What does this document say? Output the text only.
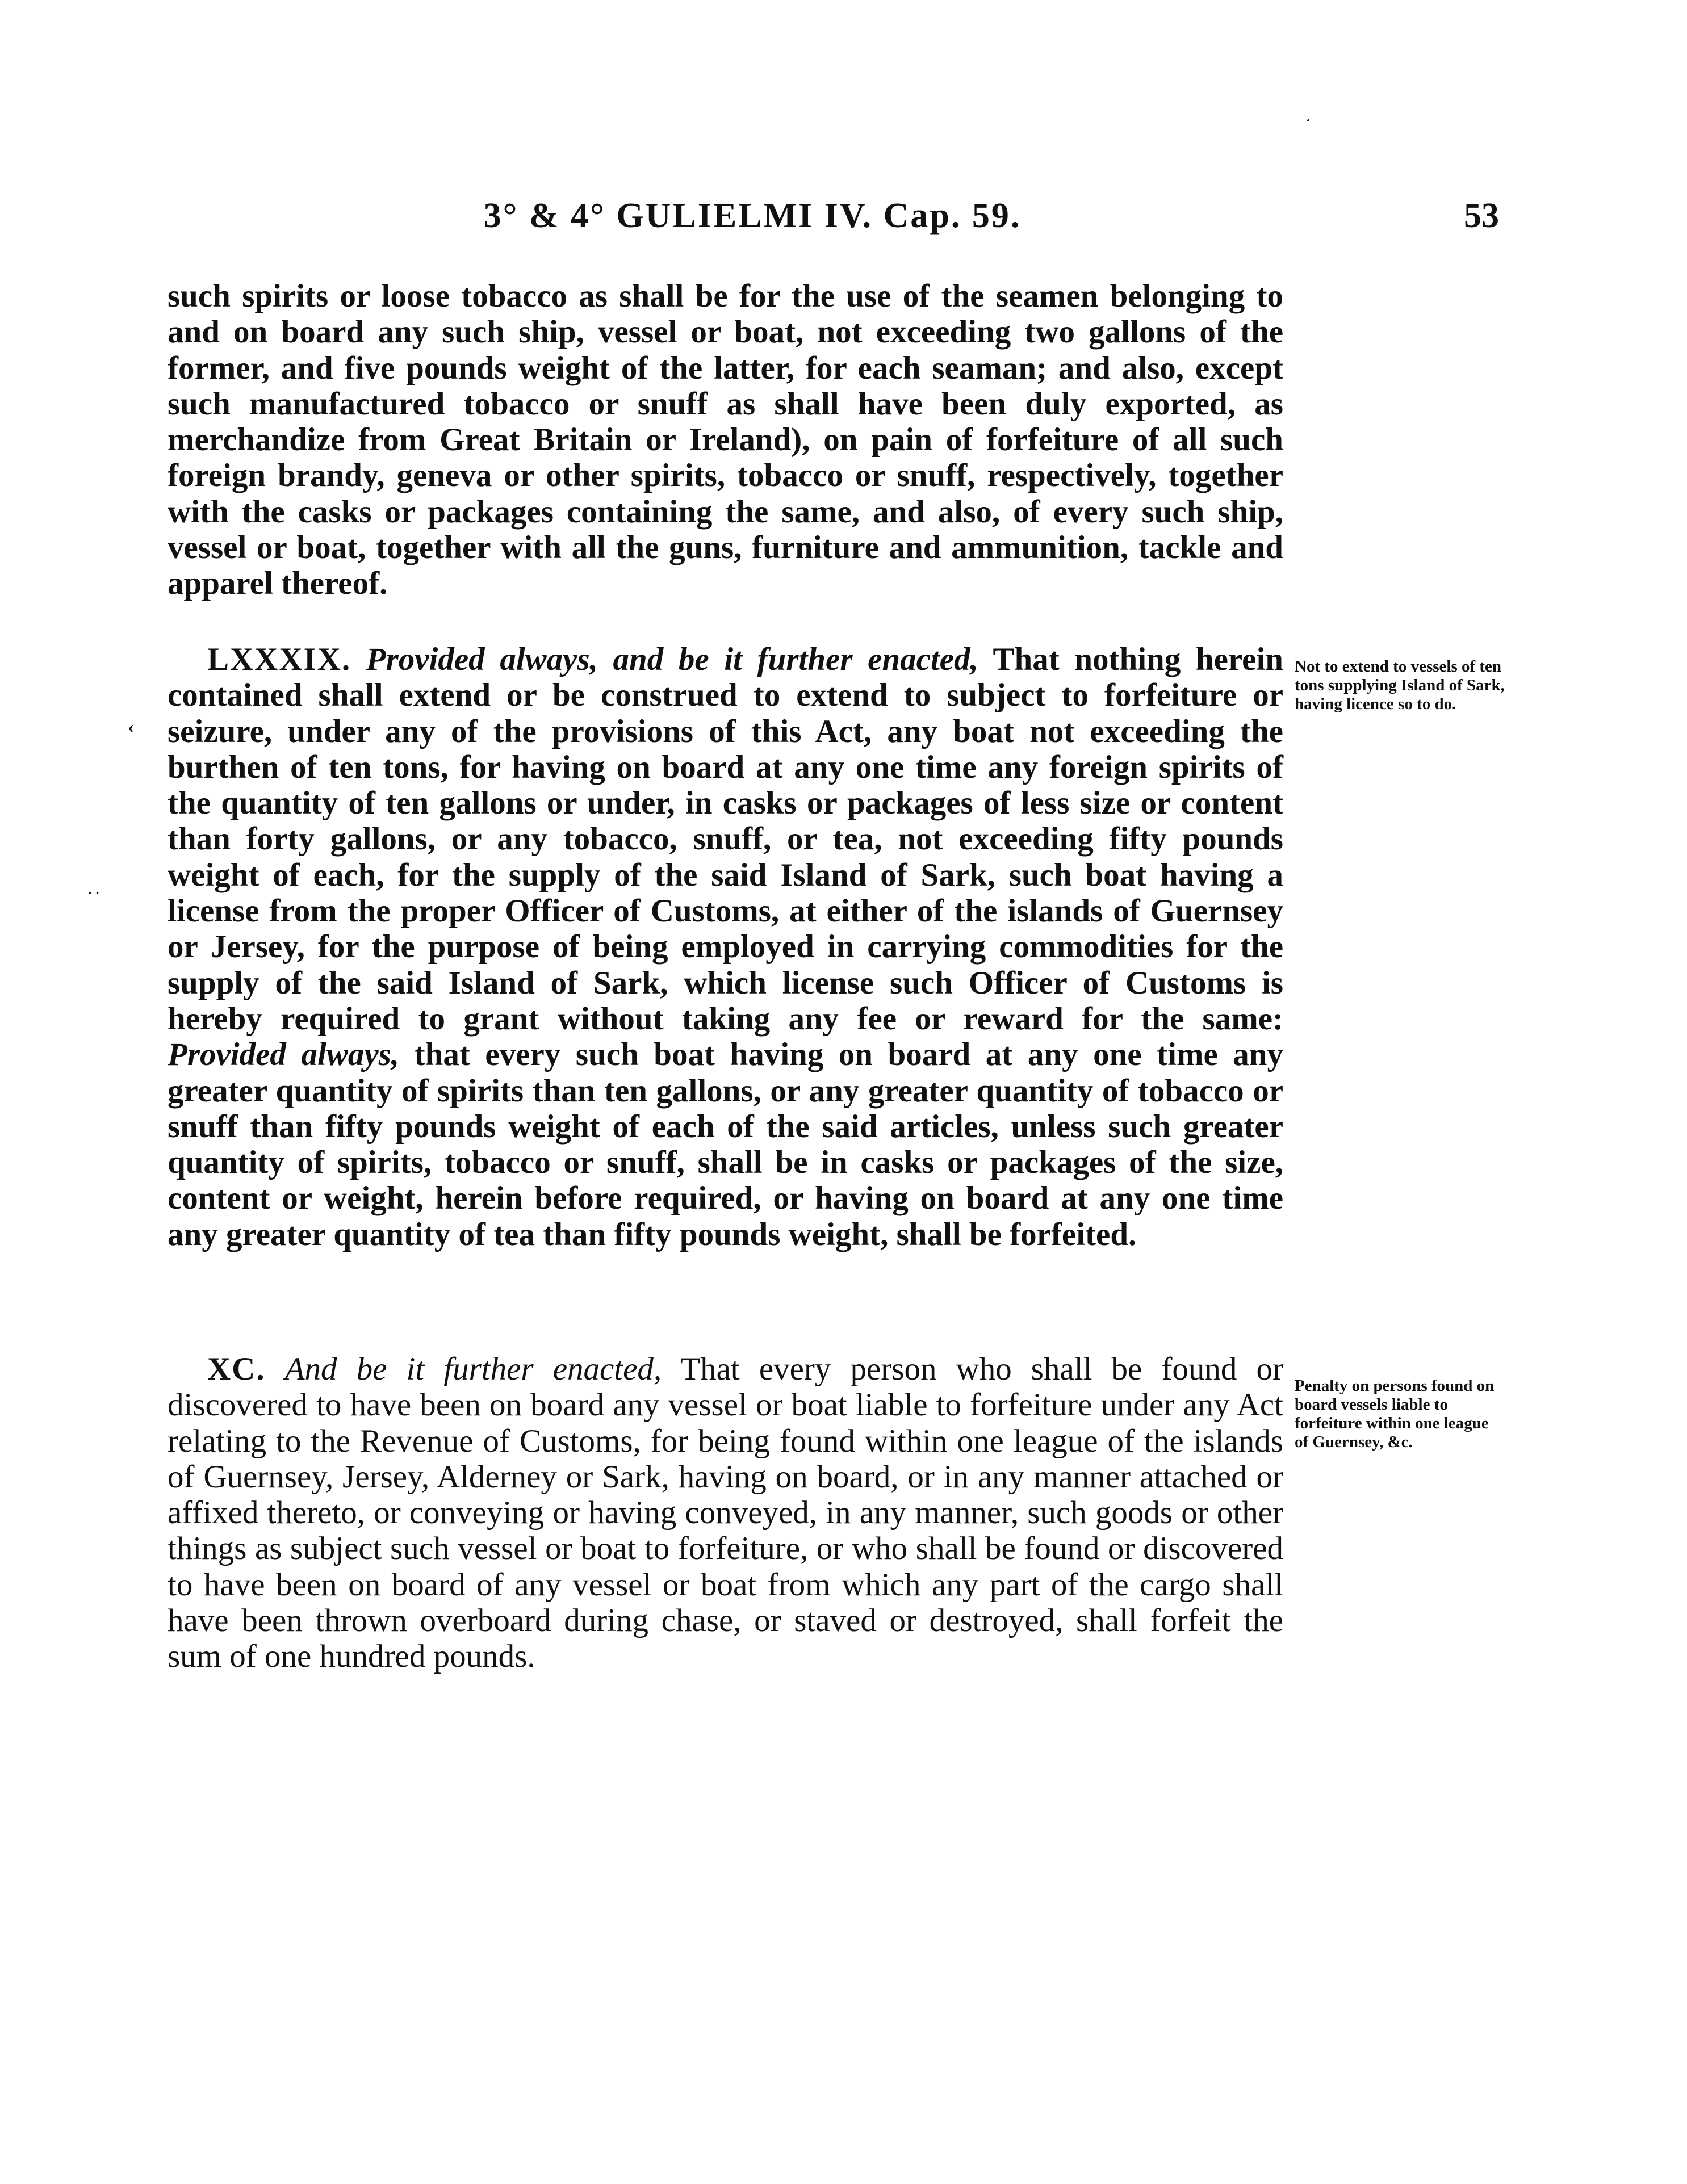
3° & 4° GULIELMI IV. Cap. 59.	53
·

such spirits or loose tobacco as shall be for the use of the seamen belonging to and on board any such ship, vessel or boat, not exceeding two gallons of the former, and five pounds weight of the latter, for each seaman; and also, except such manufactured tobacco or snuff as shall have been duly exported, as merchandize from Great Britain or Ireland), on pain of forfeiture of all such foreign brandy, geneva or other spirits, tobacco or snuff, respectively, together with the casks or packages containing the same, and also, of every such ship, vessel or boat, together with all the guns, furniture and ammunition, tackle and apparel thereof.

LXXXIX. Provided always, and be it further enacted, That nothing herein contained shall extend or be construed to extend to subject to forfeiture or seizure, under any of the provisions of this Act, any boat not exceeding the burthen of ten tons, for having on board at any one time any foreign spirits of the quantity of ten gallons or under, in casks or packages of less size or content than forty gallons, or any tobacco, snuff, or tea, not exceeding fifty pounds weight of each, for the supply of the said Island of Sark, such boat having a license from the proper Officer of Customs, at either of the islands of Guernsey or Jersey, for the purpose of being employed in carrying commodities for the supply of the said Island of Sark, which license such Officer of Customs is hereby required to grant without taking any fee or reward for the same: Provided always, that every such boat having on board at any one time any greater quantity of spirits than ten gallons, or any greater quantity of tobacco or snuff than fifty pounds weight of each of the said articles, unless such greater quantity of spirits, tobacco or snuff, shall be in casks or packages of the size, content or weight, herein before required, or having on board at any one time any greater quantity of tea than fifty pounds weight, shall be forfeited.

Not to extend to vessels of ten tons supplying Island of Sark, having licence so to do.

‹
· ·

XC. And be it further enacted, That every person who shall be found or discovered to have been on board any vessel or boat liable to forfeiture under any Act relating to the Revenue of Customs, for being found within one league of the islands of Guernsey, Jersey, Alderney or Sark, having on board, or in any manner attached or affixed thereto, or conveying or having conveyed, in any manner, such goods or other things as subject such vessel or boat to forfeiture, or who shall be found or discovered to have been on board of any vessel or boat from which any part of the cargo shall have been thrown overboard during chase, or staved or destroyed, shall forfeit the sum of one hundred pounds.

Penalty on persons found on board vessels liable to forfeiture within one league of Guernsey, &c.
